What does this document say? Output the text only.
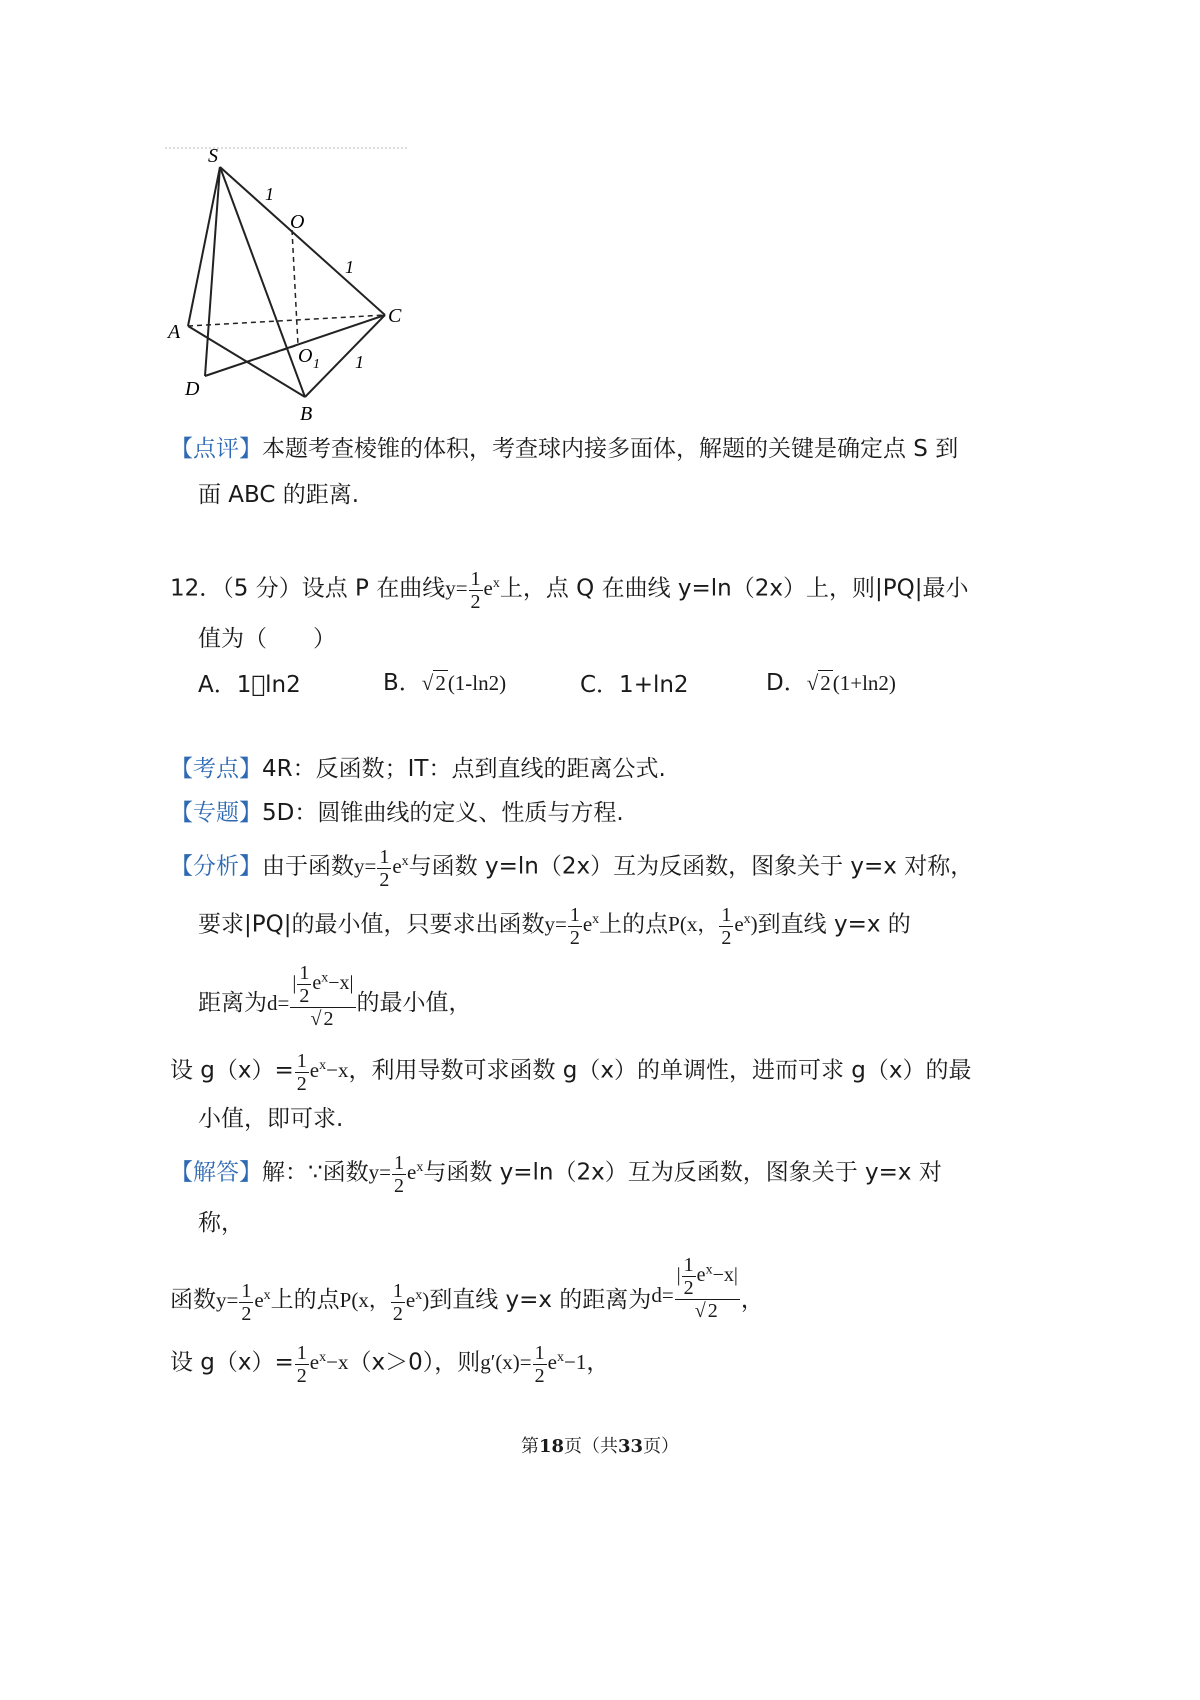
S
1
O
1
C
A
O 1 1
D
B
【点评】本题考查棱锥的体积，考查球内接多面体，解题的关键是确定点 S 到
面 ABC 的距离.
12．（5 分）设点 P 在曲线$y= \frac{1}{2} e^x$上，点 Q 在曲线 y=ln（2x）上，则|PQ|最小
值为（　　）
A．1 ln2	B．√2(1-ln2)	C．1+ln2	D．√2(1+ln2)
【考点】4R：反函数；IT：点到直线的距离公式.
【专题】5D：圆锥曲线的定义、性质与方程.
【分析】由于函数$y= \frac{1}{2} e^x$与函数 y=ln（2x）互为反函数，图象关于 y=x 对称，
要求|PQ|的最小值，只要求出函数$y= \frac{1}{2} e^x$上的点P(x， $\frac{1}{2} e^x$)到直线 y=x 的
距离为$d= \frac{| \frac{1}{2} e^x-x|}{√ 2}$ 的最小值，
设 $g(x)= \frac{1}{2} e^x-x$，利用导数可求函数 g（x）的单调性，进而可求 g（x）的最
小值，即可求.
【解答】解：∵函数$y= \frac{1}{2} e^x$与函数 y=ln（2x）互为反函数，图象关于 y=x 对
称，
函数$y= \frac{1}{2} e^x$上的点P(x， $\frac{1}{2} e^x$)到直线 y=x 的距离为$d= \frac{| \frac{1}{2} e^x-x|}{√ 2}$ ，
设 $g(x)= \frac{1}{2} e^x-x(x>0)$，则$g'(x)= \frac{1}{2} e^x-1$，
第18页（共33页）
